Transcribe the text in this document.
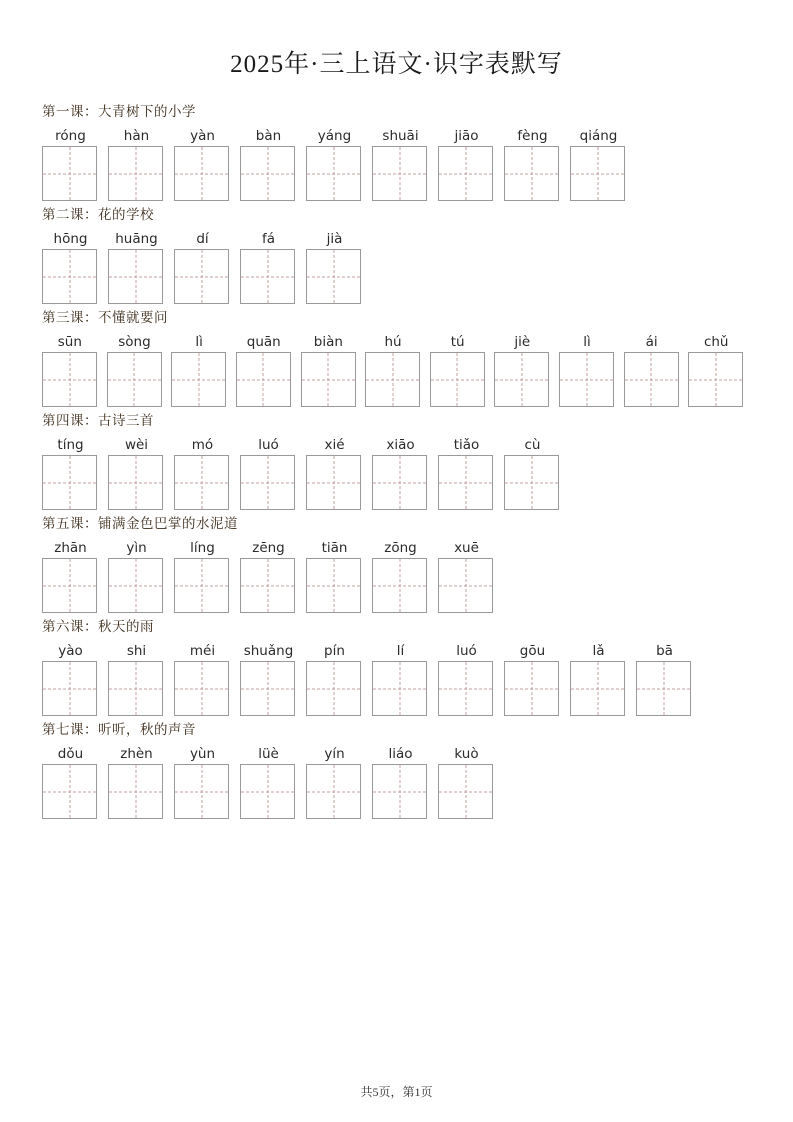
2025年·三上语文·识字表默写
第一课：大青树下的小学
róng	hàn	yàn	bàn	yáng	shuāi	jiāo	fèng	qiáng
第二课：花的学校
hōng	huāng	dí	fá	jià
第三课：不懂就要问
sūn	sòng	lì	quān	biàn	hú	tú	jiè	lì	ái	chǔ
第四课：古诗三首
tíng	wèi	mó	luó	xié	xiāo	tiǎo	cù
第五课：铺满金色巴掌的水泥道
zhān	yìn	líng	zēng	tiān	zōng	xuē
第六课：秋天的雨
yào	shi	méi	shuǎng	pín	lí	luó	gōu	lǎ	bā
第七课：听听，秋的声音
dǒu	zhèn	yùn	lüè	yín	liáo	kuò
共5页，第1页
